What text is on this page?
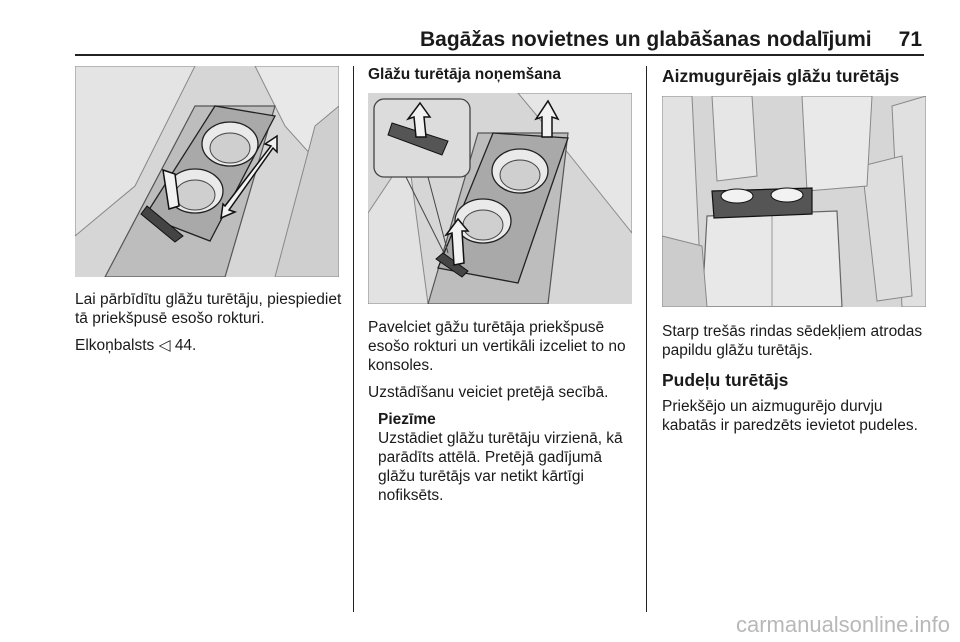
Bagāžas novietnes un glabāšanas nodalījumi	71

Lai pārbīdītu glāžu turētāju, piespiediet tā priekšpusē esošo rokturi.

Elkoņbalsts ◁ 44.

Glāžu turētāja noņemšana

Pavelciet gāžu turētāja priekšpusē esošo rokturi un vertikāli izceliet to no konsoles.

Uzstādīšanu veiciet pretējā secībā.

Piezīme
Uzstādiet glāžu turētāju virzienā, kā parādīts attēlā. Pretējā gadījumā glāžu turētājs var netikt kārtīgi nofiksēts.
Aizmugurējais glāžu turētājs

Starp trešās rindas sēdekļiem atrodas papildu glāžu turētājs.

Pudeļu turētājs

Priekšējo un aizmugurējo durvju kabatās ir paredzēts ievietot pudeles.

carmanualsonline.info
